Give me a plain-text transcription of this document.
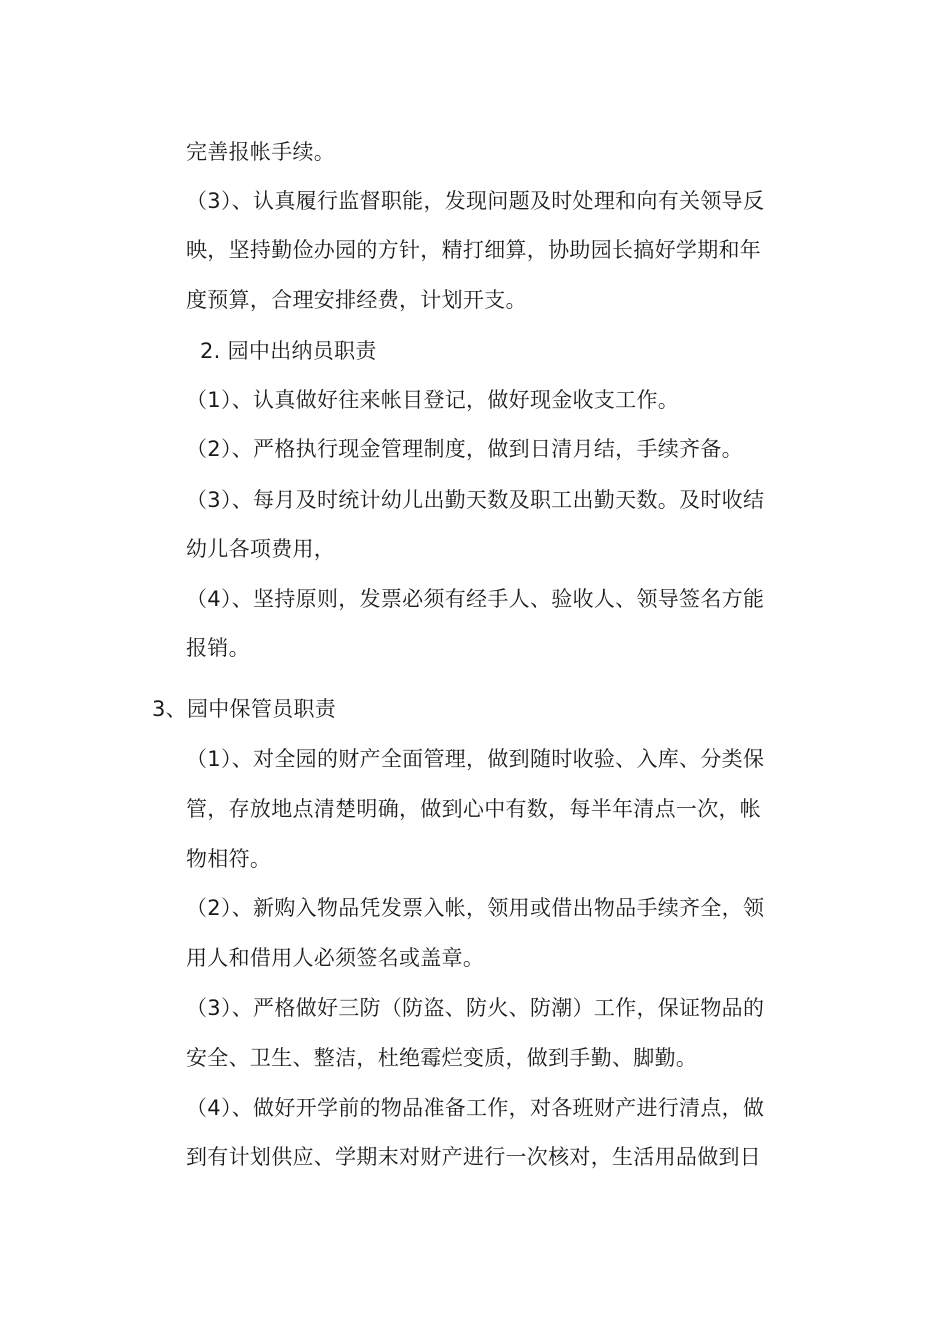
完善报帐手续。
（3）、认真履行监督职能，发现问题及时处理和向有关领导反
映，坚持勤俭办园的方针，精打细算，协助园长搞好学期和年
度预算，合理安排经费，计划开支。
2. 园中出纳员职责
（1）、认真做好往来帐目登记，做好现金收支工作。
（2）、严格执行现金管理制度，做到日清月结，手续齐备。
（3）、每月及时统计幼儿出勤天数及职工出勤天数。及时收结
幼儿各项费用，
（4）、坚持原则，发票必须有经手人、验收人、领导签名方能
报销。
3、园中保管员职责
（1）、对全园的财产全面管理，做到随时收验、入库、分类保
管，存放地点清楚明确，做到心中有数，每半年清点一次，帐
物相符。
（2）、新购入物品凭发票入帐，领用或借出物品手续齐全，领
用人和借用人必须签名或盖章。
（3）、严格做好三防（防盗、防火、防潮）工作，保证物品的
安全、卫生、整洁，杜绝霉烂变质，做到手勤、脚勤。
（4）、做好开学前的物品准备工作，对各班财产进行清点，做
到有计划供应、学期末对财产进行一次核对，生活用品做到日
